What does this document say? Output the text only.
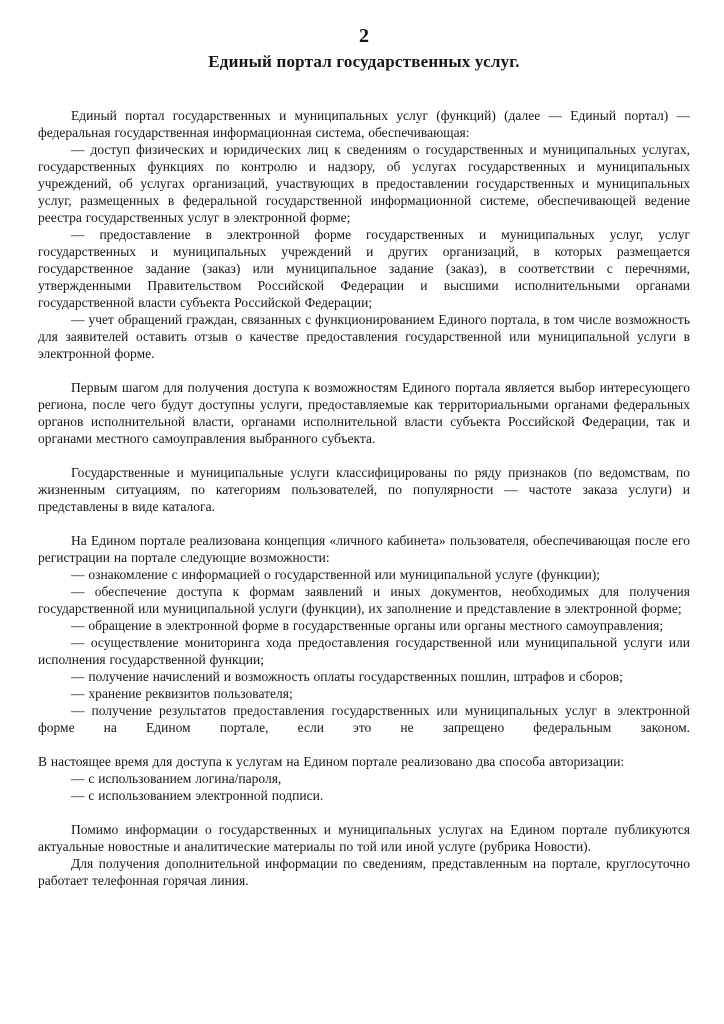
2

Единый портал государственных услуг.

Единый портал государственных и муниципальных услуг (функций) (далее — Единый портал) — федеральная государственная информационная система, обеспечивающая:

— доступ физических и юридических лиц к сведениям о государственных и муниципальных услугах, государственных функциях по контролю и надзору, об услугах государственных и муниципальных учреждений, об услугах организаций, участвующих в предоставлении государственных и муниципальных услуг, размещенных в федеральной государственной информационной системе, обеспечивающей ведение реестра государственных услуг в электронной форме;

— предоставление в электронной форме государственных и муниципальных услуг, услуг государственных и муниципальных учреждений и других организаций, в которых размещается государственное задание (заказ) или муниципальное задание (заказ), в соответствии с перечнями, утвержденными Правительством Российской Федерации и высшими исполнительными органами государственной власти субъекта Российской Федерации;

— учет обращений граждан, связанных с функционированием Единого портала, в том числе возможность для заявителей оставить отзыв о качестве предоставления государственной или муниципальной услуги в электронной форме.

Первым шагом для получения доступа к возможностям Единого портала является выбор интересующего региона, после чего будут доступны услуги, предоставляемые как территориальными органами федеральных органов исполнительной власти, органами исполнительной власти субъекта Российской Федерации, так и органами местного самоуправления выбранного субъекта.

Государственные и муниципальные услуги классифицированы по ряду признаков (по ведомствам, по жизненным ситуациям, по категориям пользователей, по популярности — частоте заказа услуги) и представлены в виде каталога.

На Едином портале реализована концепция «личного кабинета» пользователя, обеспечивающая после его регистрации на портале следующие возможности:

— ознакомление с информацией о государственной или муниципальной услуге (функции);

— обеспечение доступа к формам заявлений и иных документов, необходимых для получения государственной или муниципальной услуги (функции), их заполнение и представление в электронной форме;

— обращение в электронной форме в государственные органы или органы местного самоуправления;

— осуществление мониторинга хода предоставления государственной или муниципальной услуги или исполнения государственной функции;

— получение начислений и возможность оплаты государственных пошлин, штрафов и сборов;

— хранение реквизитов пользователя;

— получение результатов предоставления государственных или муниципальных услуг в электронной форме на Едином портале, если это не запрещено федеральным законом.

В настоящее время для доступа к услугам на Едином портале реализовано два способа авторизации:

— с использованием логина/пароля,

— с использованием электронной подписи.

Помимо информации о государственных и муниципальных услугах на Едином портале публикуются актуальные новостные и аналитические материалы по той или иной услуге (рубрика Новости).

Для получения дополнительной информации по сведениям, представленным на портале, круглосуточно работает телефонная горячая линия.
